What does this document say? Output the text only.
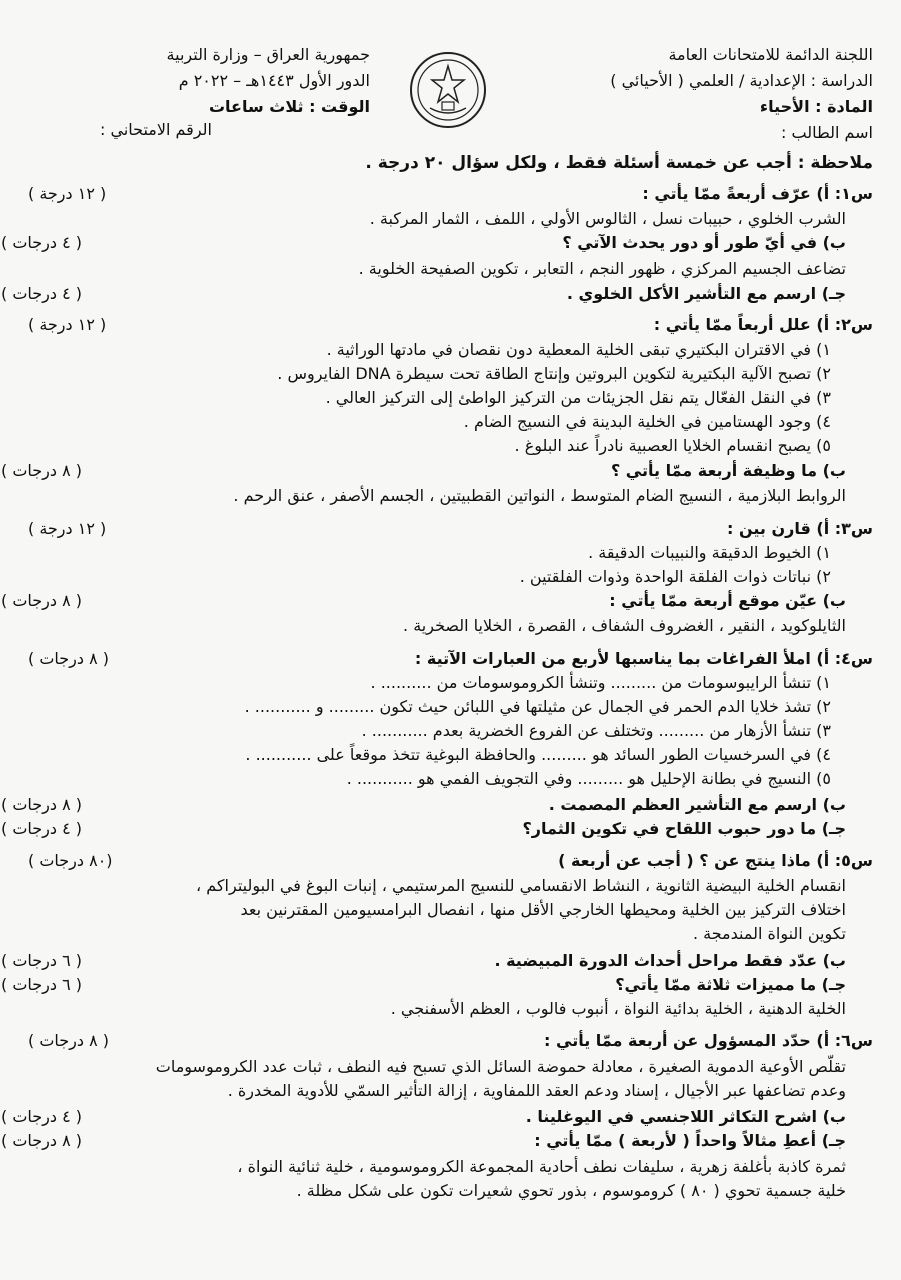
اللجنة الدائمة للامتحانات العامة
الدراسة : الإعدادية / العلمي ( الأحيائي )
المادة : الأحياء
اسم الطالب :
جمهورية العراق – وزارة التربية
الدور الأول ١٤٤٣هـ – ٢٠٢٢ م
الوقت : ثلاث ساعات
الرقم الامتحاني :
ملاحظة : أجب عن خمسة أسئلة فقط ، ولكل سؤال ٢٠ درجة .
س١: أ) عرّف أربعةً ممّا يأتي :
( ١٢ درجة )
الشرب الخلوي ، حبيبات نسل ، الثالوس الأولي ، اللمف ، الثمار المركبة .
ب) في أيّ طور أو دور يحدث الآتي ؟
( ٤ درجات )
تضاعف الجسيم المركزي ، ظهور النجم ، التعابر ، تكوين الصفيحة الخلوية .
جـ) ارسم مع التأشير الأكل الخلوي .
( ٤ درجات )
س٢: أ) علل أربعاً ممّا يأتي :
( ١٢ درجة )
١) في الاقتران البكتيري تبقى الخلية المعطية دون نقصان في مادتها الوراثية .
٢) تصبح الآلية البكتيرية لتكوين البروتين وإنتاج الطاقة تحت سيطرة DNA الفايروس .
٣) في النقل الفعّال يتم نقل الجزيئات من التركيز الواطئ إلى التركيز العالي .
٤) وجود الهستامين في الخلية البدينة في النسيج الضام .
٥) يصبح انقسام الخلايا العصبية نادراً عند البلوغ .
ب) ما وظيفة أربعة ممّا يأتي ؟
( ٨ درجات )
الروابط البلازمية ، النسيج الضام المتوسط ، النواتين القطبيتين ، الجسم الأصفر ، عنق الرحم .
س٣: أ) قارن بين :
( ١٢ درجة )
١) الخيوط الدقيقة والنبيبات الدقيقة .
٢) نباتات ذوات الفلقة الواحدة وذوات الفلقتين .
ب) عيّن موقع أربعة ممّا يأتي :
( ٨ درجات )
الثايلوكويد ، النقير ، الغضروف الشفاف ، القصرة ، الخلايا الصخرية .
س٤: أ) املأ الفراغات بما يناسبها لأربع من العبارات الآتية :
( ٨ درجات )
١) تنشأ الرايبوسومات من ......... وتنشأ الكروموسومات من .......... .
٢) تشذ خلايا الدم الحمر في الجمال عن مثيلتها في اللبائن حيث تكون ......... و ........... .
٣) تنشأ الأزهار من ......... وتختلف عن الفروع الخضرية بعدم ........... .
٤) في السرخسيات الطور السائد هو ......... والحافظة البوغية تتخذ موقعاً على ........... .
٥) النسيج في بطانة الإحليل هو ......... وفي التجويف الفمي هو ........... .
ب) ارسم مع التأشير العظم المصمت .
( ٨ درجات )
جـ) ما دور حبوب اللقاح في تكوين الثمار؟
( ٤ درجات )
س٥: أ) ماذا ينتج عن ؟ ( أجب عن أربعة )
(٨٠ درجات )
انقسام الخلية البيضية الثانوية ، النشاط الانقسامي للنسيج المرستيمي ، إنبات البوغ في البوليتراكم ،
اختلاف التركيز بين الخلية ومحيطها الخارجي الأقل منها ، انفصال البرامسيومين المقترنين بعد
تكوين النواة المندمجة .
ب) عدّد فقط مراحل أحداث الدورة المبيضية .
( ٦ درجات )
جـ) ما مميزات ثلاثة ممّا يأتي؟
( ٦ درجات )
الخلية الدهنية ، الخلية بدائية النواة ، أنبوب فالوب ، العظم الأسفنجي .
س٦: أ) حدّد المسؤول عن أربعة ممّا يأتي :
( ٨ درجات )
تقلّص الأوعية الدموية الصغيرة ، معادلة حموضة السائل الذي تسبح فيه النطف ، ثبات عدد الكروموسومات
وعدم تضاعفها عبر الأجيال ، إسناد ودعم العقد اللمفاوية ، إزالة التأثير السمّي للأدوية المخدرة .
ب) اشرح التكاثر اللاجنسي في اليوغلينا .
( ٤ درجات )
جـ) أعطِ مثالاً واحداً ( لأربعة ) ممّا يأتي :
( ٨ درجات )
ثمرة كاذبة بأغلفة زهرية ، سليفات نطف أحادية المجموعة الكروموسومية ، خلية ثنائية النواة ،
خلية جسمية تحوي ( ٨٠ ) كروموسوم ، بذور تحوي شعيرات تكون على شكل مظلة .
